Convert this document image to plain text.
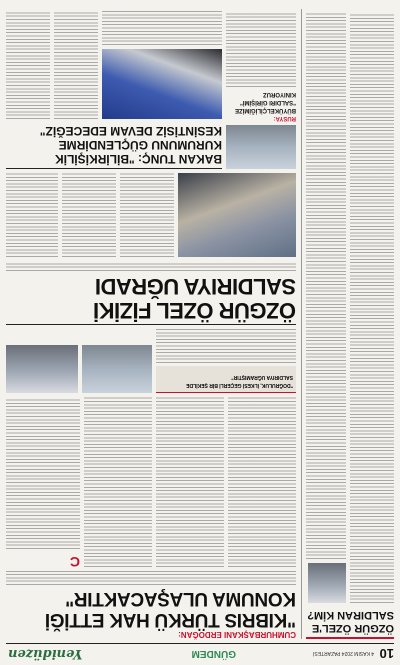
10
4 KASIM 2024 PAZARTESİ
GÜNDEM
Yenidüzen
ÖZGÜR ÖZEL'E
SALDIRAN KİM?
CUMHURBAŞKANI ERDOĞAN:
"KIBRIS TÜRKÜ HAK ETTİĞİ
KONUMA ULAŞACAKTIR"
C
"DOĞRULUK, İLKESİ GEÇERLİ BİR ŞEKİLDE
SALDIRIYA UĞRAMIŞTIR"
ÖZGÜR ÖZEL FİZİKİ
SALDIRIYA UĞRADI
RUSYA:
BÜYÜKELÇİLİĞİMİZE
"SALDIRI GİRİŞİMİ"
KINIYORUZ
BAKAN TUNÇ: "BİLİRKİŞİLİK
KURUMUNU GÜÇLENDİRME
KESİNTİSİZ DEVAM EDECEĞİZ"
